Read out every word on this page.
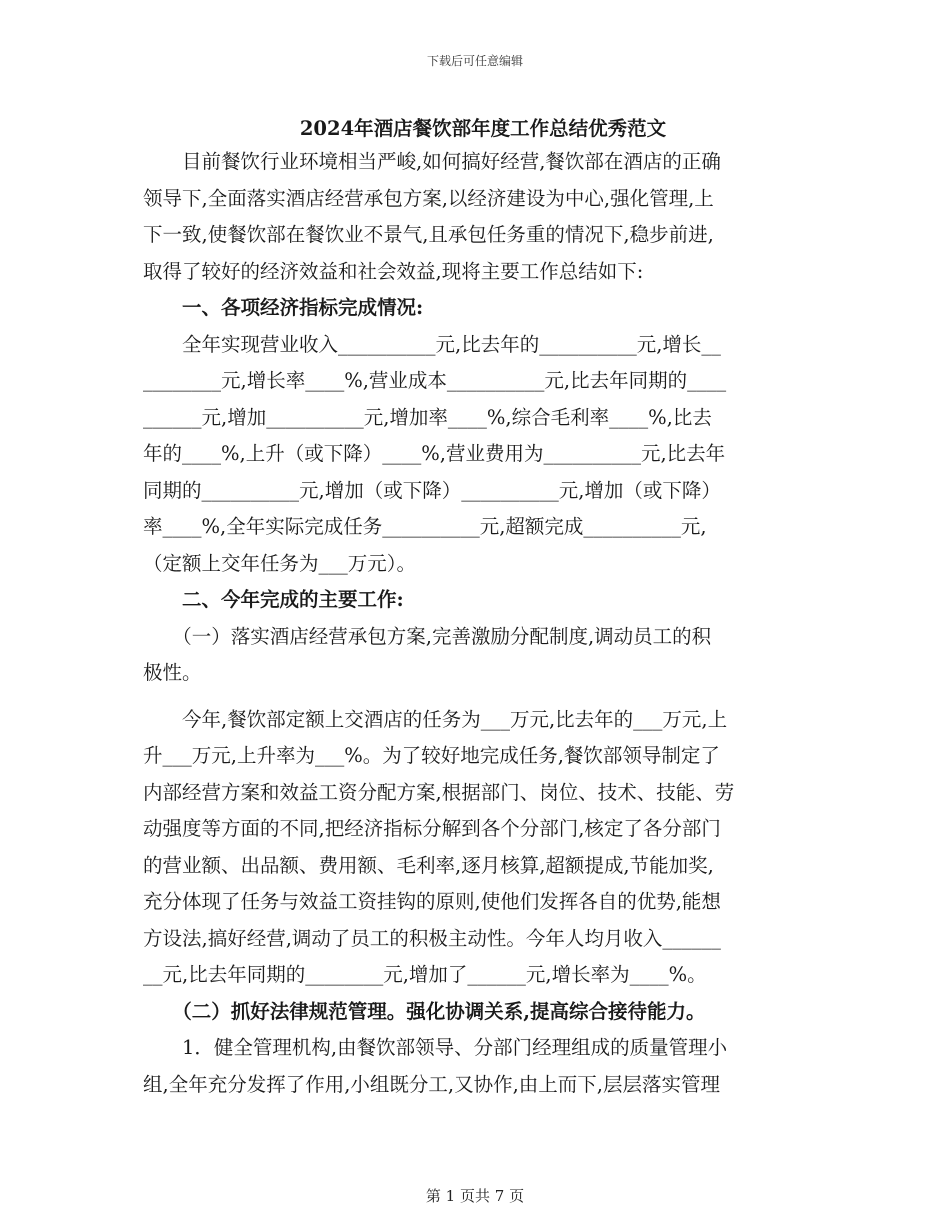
下载后可任意编辑
2024年酒店餐饮部年度工作总结优秀范文
　　目前餐饮行业环境相当严峻,如何搞好经营,餐饮部在酒店的正确
领导下,全面落实酒店经营承包方案,以经济建设为中心,强化管理,上
下一致,使餐饮部在餐饮业不景气,且承包任务重的情况下,稳步前进,
取得了较好的经济效益和社会效益,现将主要工作总结如下:
　　一、各项经济指标完成情况:
　　全年实现营业收入__________元,比去年的__________元,增长__
________元,增长率____%,营业成本__________元,比去年同期的____
______元,增加__________元,增加率____%,综合毛利率____%,比去
年的____%,上升（或下降）____%,营业费用为__________元,比去年
同期的__________元,增加（或下降）__________元,增加（或下降）
率____%,全年实际完成任务__________元,超额完成__________元,
（定额上交年任务为___万元）。
　　二、今年完成的主要工作:
　　（一）落实酒店经营承包方案,完善激励分配制度,调动员工的积
极性。
　　今年,餐饮部定额上交酒店的任务为___万元,比去年的___万元,上
升___万元,上升率为___%。为了较好地完成任务,餐饮部领导制定了
内部经营方案和效益工资分配方案,根据部门、岗位、技术、技能、劳
动强度等方面的不同,把经济指标分解到各个分部门,核定了各分部门
的营业额、出品额、费用额、毛利率,逐月核算,超额提成,节能加奖,
充分体现了任务与效益工资挂钩的原则,使他们发挥各自的优势,能想
方设法,搞好经营,调动了员工的积极主动性。今年人均月收入______
__元,比去年同期的________元,增加了______元,增长率为____%。
　　（二）抓好法律规范管理。强化协调关系,提高综合接待能力。
　　1．健全管理机构,由餐饮部领导、分部门经理组成的质量管理小
组,全年充分发挥了作用,小组既分工,又协作,由上而下,层层落实管理
第 1 页共 7 页
